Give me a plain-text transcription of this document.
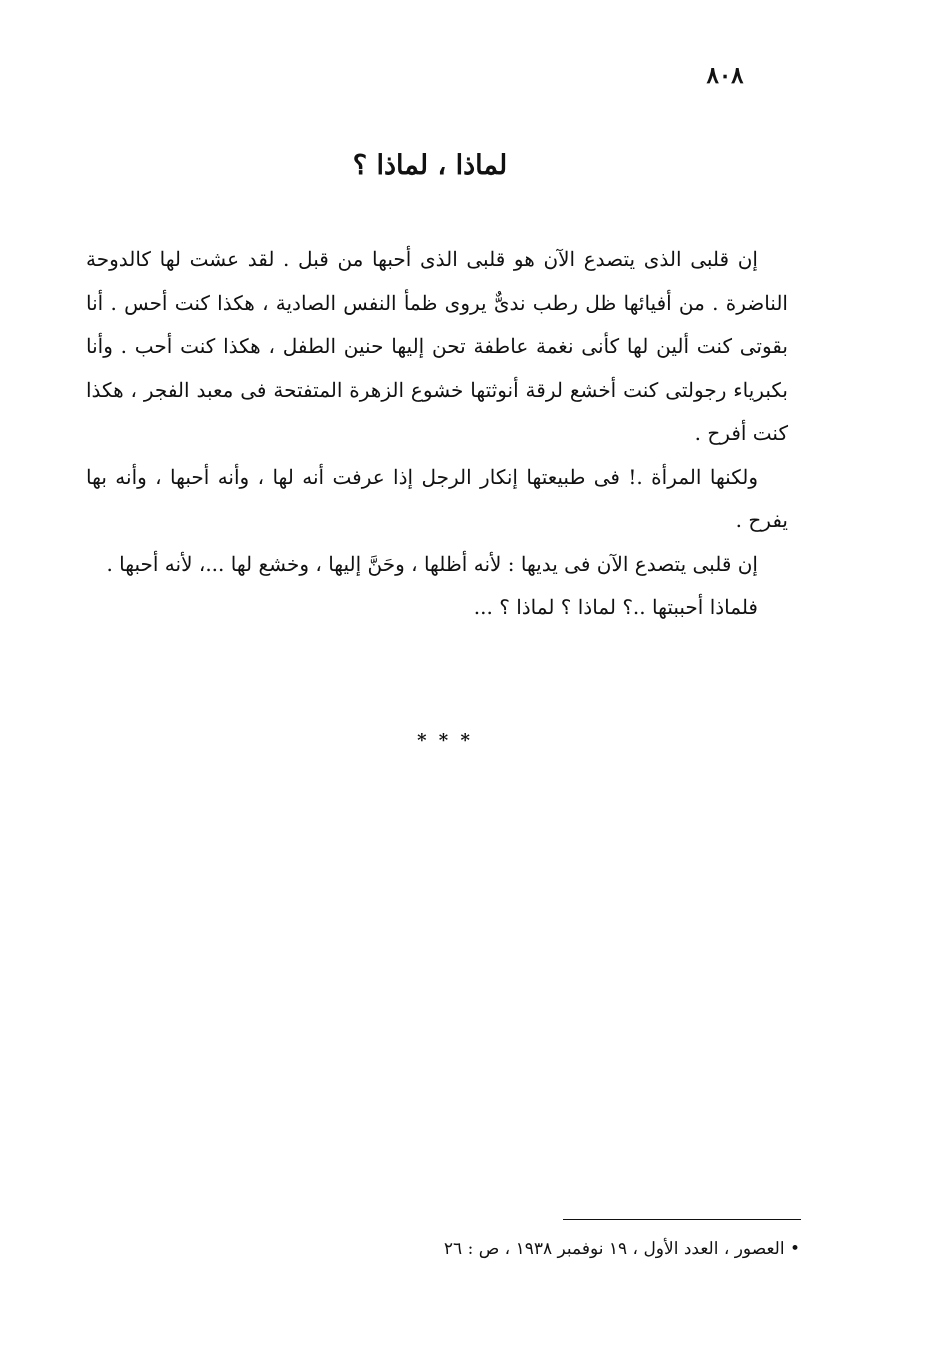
٨٠٨
لماذا ، لماذا ؟

إن قلبى الذى يتصدع الآن هو قلبى الذى أحبها من قبل . لقد عشت لها كالدوحة الناضرة . من أفيائها ظل رطب ندىٌّ يروى ظمأ النفس الصادية ، هكذا كنت أحس . أنا بقوتى كنت ألين لها كأنى نغمة عاطفة تحن إليها حنين الطفل ، هكذا كنت أحب . وأنا بكبرياء رجولتى كنت أخشع لرقة أنوثتها خشوع الزهرة المتفتحة فى معبد الفجر ، هكذا كنت أفرح .

ولكنها المرأة .! فى طبيعتها إنكار الرجل إذا عرفت أنه لها ، وأنه أحبها ، وأنه بها يفرح .

إن قلبى يتصدع الآن فى يديها : لأنه أظلها ، وحَنَّ إليها ، وخشع لها ...، لأنه أحبها .

فلماذا أحببتها ..؟ لماذا ؟ لماذا ؟ ...

* * *
• العصور ، العدد الأول ، ١٩ نوفمبر ١٩٣٨ ، ص : ٢٦
